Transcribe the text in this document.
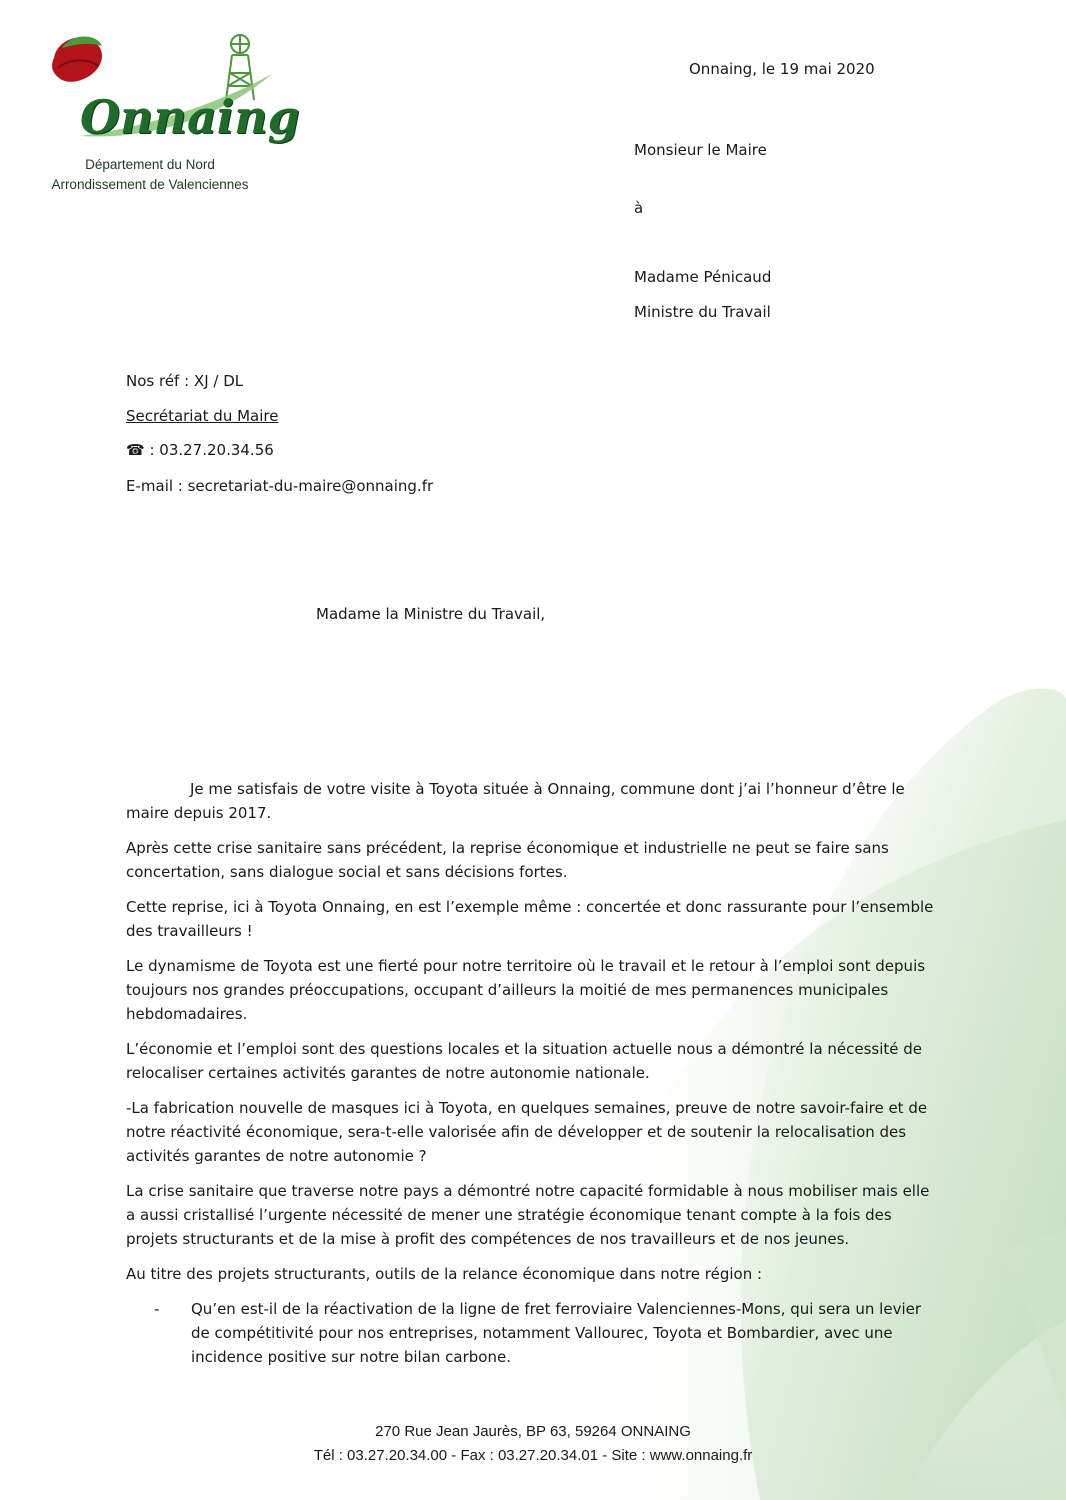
Onnaing
Département du Nord
Arrondissement de Valenciennes
Onnaing, le 19 mai 2020
Monsieur le Maire
à
Madame Pénicaud
Ministre du Travail
Nos réf : XJ / DL
Secrétariat du Maire
☎ : 03.27.20.34.56
E-mail : secretariat-du-maire@onnaing.fr
Madame la Ministre du Travail,

Je me satisfais de votre visite à Toyota située à Onnaing, commune dont j’ai l’honneur d’être le maire depuis 2017.

Après cette crise sanitaire sans précédent, la reprise économique et industrielle ne peut se faire sans concertation, sans dialogue social et sans décisions fortes.

Cette reprise, ici à Toyota Onnaing, en est l’exemple même : concertée et donc rassurante pour l’ensemble des travailleurs !

Le dynamisme de Toyota est une fierté pour notre territoire où le travail et le retour à l’emploi sont depuis toujours nos grandes préoccupations, occupant d’ailleurs la moitié de mes permanences municipales hebdomadaires.

L’économie et l’emploi sont des questions locales et la situation actuelle nous a démontré la nécessité de relocaliser certaines activités garantes de notre autonomie nationale.

-La fabrication nouvelle de masques ici à Toyota, en quelques semaines, preuve de notre savoir-faire et de notre réactivité économique, sera-t-elle valorisée afin de développer et de soutenir la relocalisation des activités garantes de notre autonomie ?

La crise sanitaire que traverse notre pays a démontré notre capacité formidable à nous mobiliser mais elle a aussi cristallisé l’urgente nécessité de mener une stratégie économique tenant compte à la fois des projets structurants et de la mise à profit des compétences de nos travailleurs et de nos jeunes.

Au titre des projets structurants, outils de la relance économique dans notre région :

-	Qu’en est-il de la réactivation de la ligne de fret ferroviaire Valenciennes-Mons, qui sera un levier de compétitivité pour nos entreprises, notamment Vallourec, Toyota et Bombardier, avec une incidence positive sur notre bilan carbone.
270 Rue Jean Jaurès, BP 63, 59264 ONNAING
Tél : 03.27.20.34.00 - Fax : 03.27.20.34.01 - Site : www.onnaing.fr
